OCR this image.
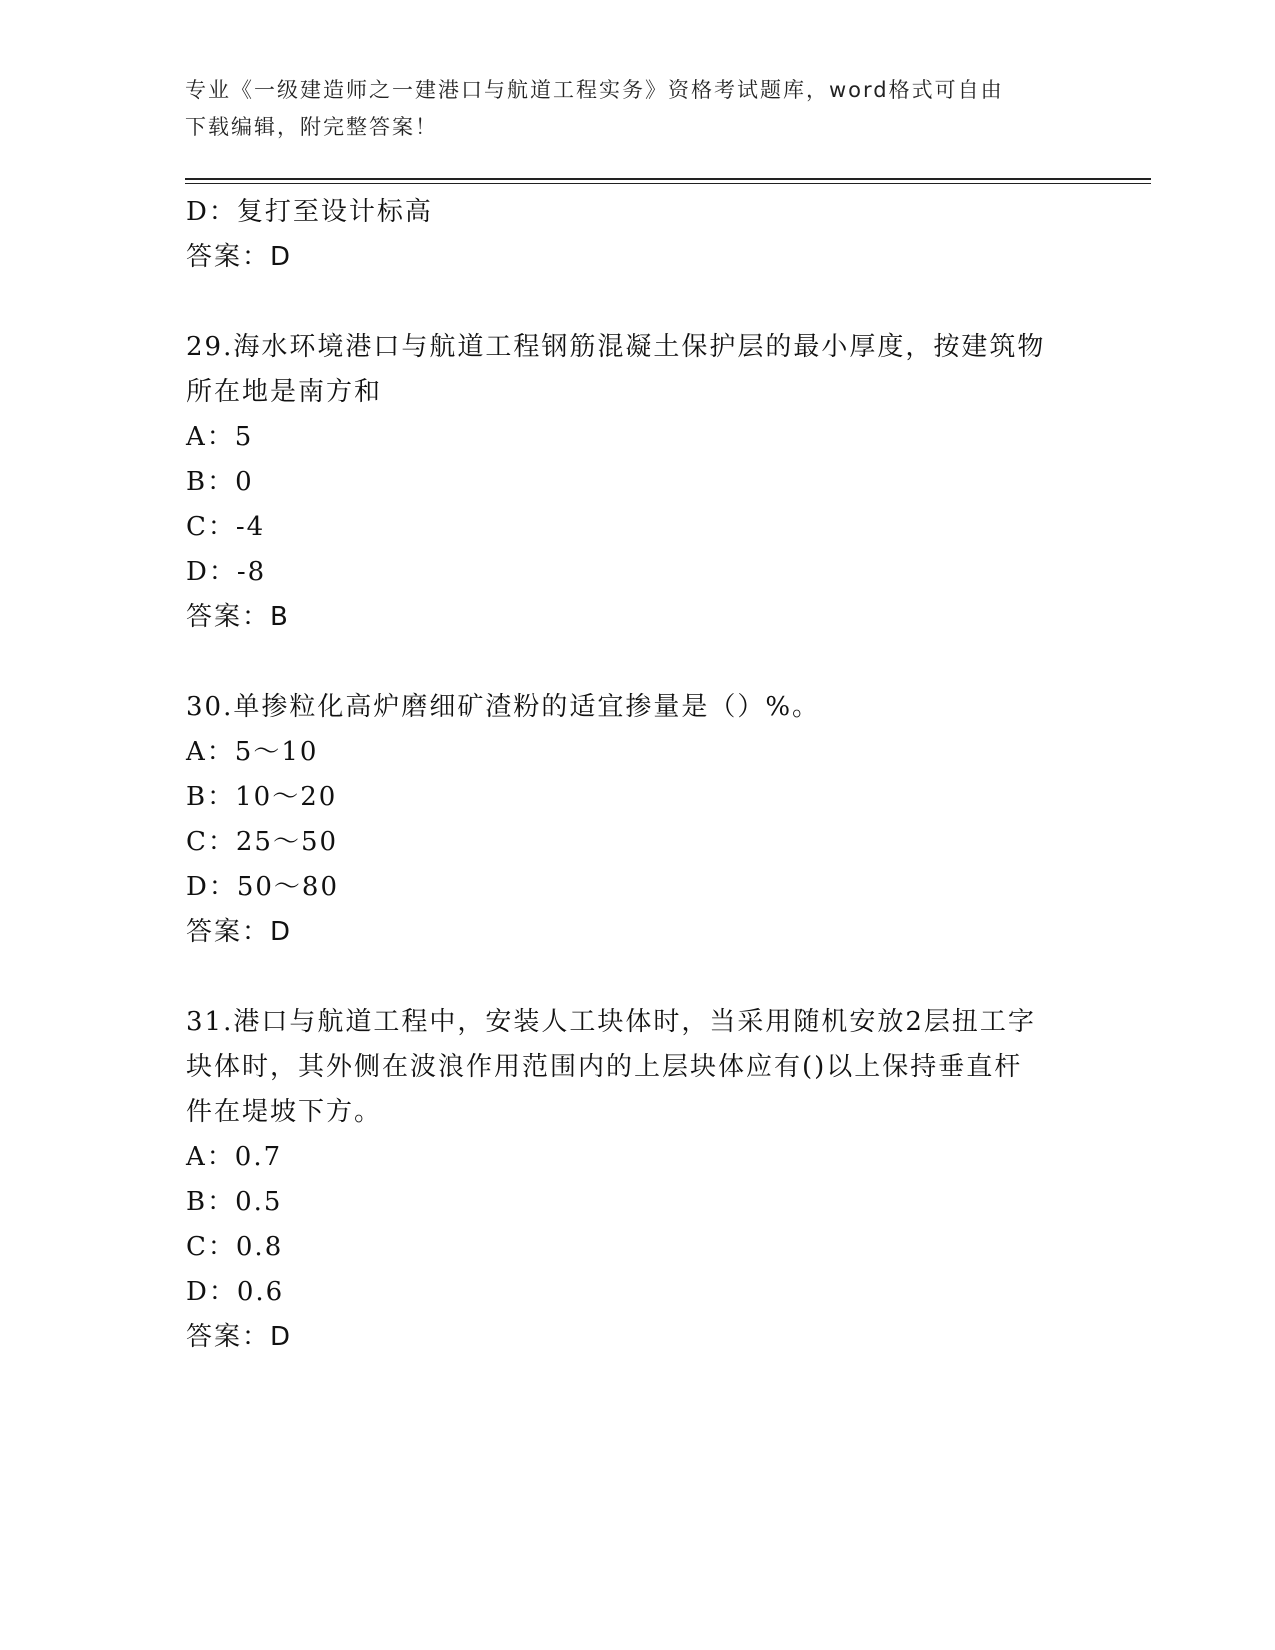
专业《一级建造师之一建港口与航道工程实务》资格考试题库，word格式可自由
下载编辑，附完整答案！
D：复打至设计标高
答案：D
29.海水环境港口与航道工程钢筋混凝土保护层的最小厚度，按建筑物
所在地是南方和
A：5
B：0
C：-4
D：-8
答案：B
30.单掺粒化高炉磨细矿渣粉的适宜掺量是（）%。
A：5～10
B：10～20
C：25～50
D：50～80
答案：D
31.港口与航道工程中，安装人工块体时，当采用随机安放2层扭工字
块体时，其外侧在波浪作用范围内的上层块体应有()以上保持垂直杆
件在堤坡下方。
A：0.7
B：0.5
C：0.8
D：0.6
答案：D
